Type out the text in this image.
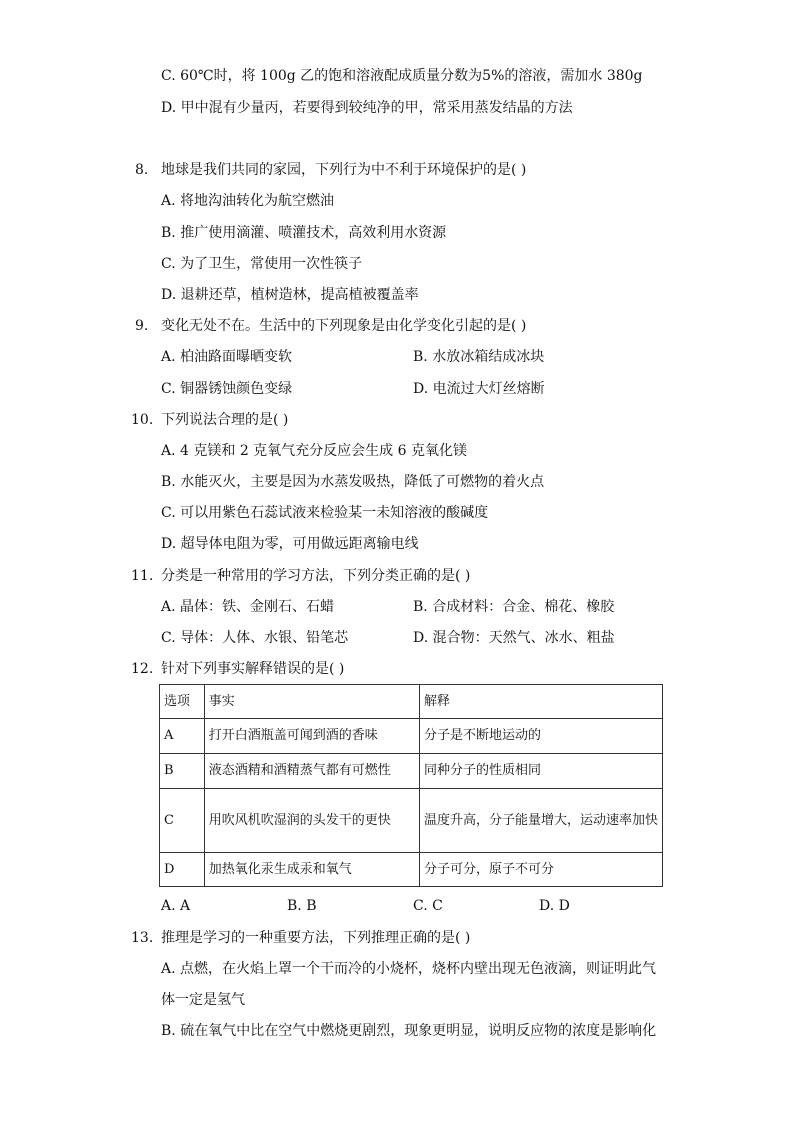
C. 60℃时，将 100g 乙的饱和溶液配成质量分数为5%的溶液，需加水 380g
D. 甲中混有少量丙，若要得到较纯净的甲，常采用蒸发结晶的方法
8. 地球是我们共同的家园，下列行为中不利于环境保护的是( )
A. 将地沟油转化为航空燃油
B. 推广使用滴灌、喷灌技术，高效利用水资源
C. 为了卫生，常使用一次性筷子
D. 退耕还草，植树造林，提高植被覆盖率
9. 变化无处不在。生活中的下列现象是由化学变化引起的是( )
A. 柏油路面曝晒变软	B. 水放冰箱结成冰块
C. 铜器锈蚀颜色变绿	D. 电流过大灯丝熔断
10. 下列说法合理的是( )
A. 4 克镁和 2 克氧气充分反应会生成 6 克氧化镁
B. 水能灭火，主要是因为水蒸发吸热，降低了可燃物的着火点
C. 可以用紫色石蕊试液来检验某一未知溶液的酸碱度
D. 超导体电阻为零，可用做远距离输电线
11. 分类是一种常用的学习方法，下列分类正确的是( )
A. 晶体：铁、金刚石、石蜡	B. 合成材料：合金、棉花、橡胶
C. 导体：人体、水银、铅笔芯	D. 混合物：天然气、冰水、粗盐
12. 针对下列事实解释错误的是( )
选项	事实	解释
A	打开白酒瓶盖可闻到酒的香味	分子是不断地运动的
B	液态酒精和酒精蒸气都有可燃性	同种分子的性质相同
C	用吹风机吹湿润的头发干的更快	温度升高，分子能量增大，运动速率加快
D	加热氧化汞生成汞和氧气	分子可分，原子不可分
A. A	B. B	C. C	D. D
13. 推理是学习的一种重要方法，下列推理正确的是( )
A. 点燃，在火焰上罩一个干而冷的小烧杯，烧杯内壁出现无色液滴，则证明此气
体一定是氢气
B. 硫在氧气中比在空气中燃烧更剧烈，现象更明显，说明反应物的浓度是影响化
